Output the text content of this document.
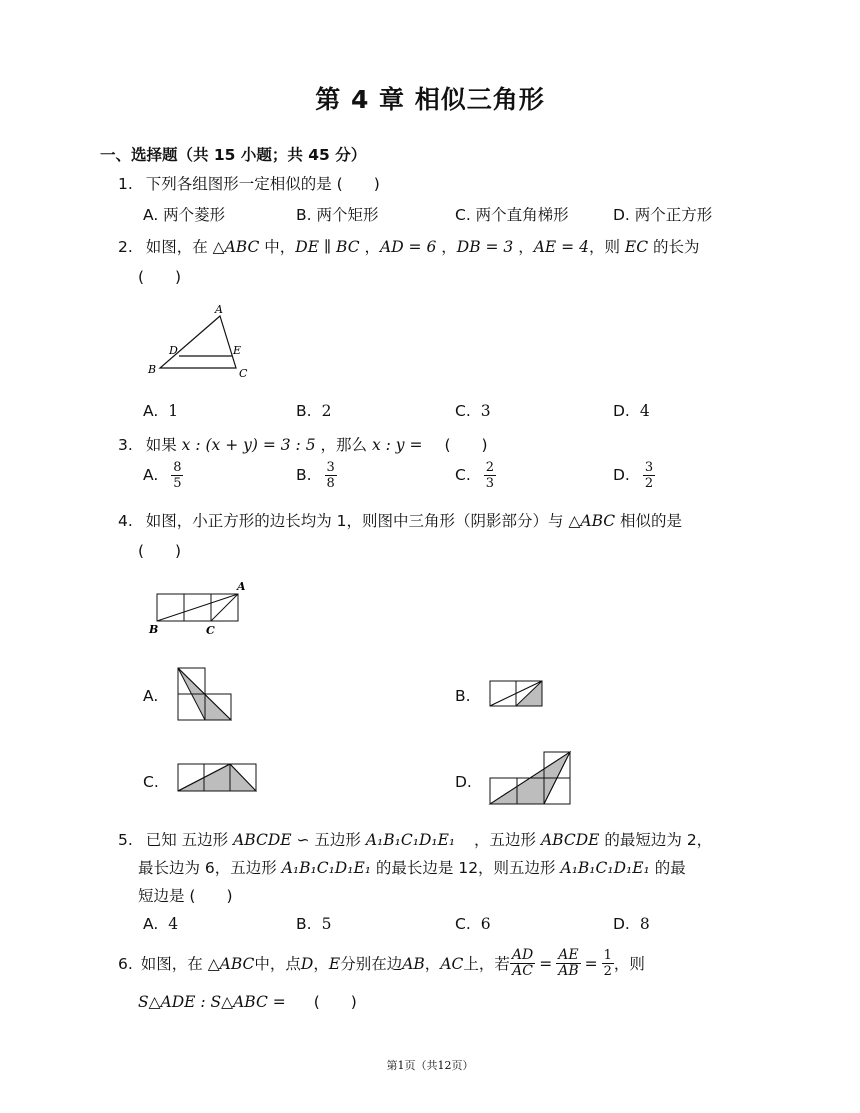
第 4 章 相似三角形
一、选择题（共 15 小题；共 45 分）
1. 下列各组图形一定相似的是 (　　)
A. 两个菱形	B. 两个矩形	C. 两个直角梯形	D. 两个正方形
2. 如图，在 △ABC 中，DE ∥ BC ，AD = 6 ，DB = 3 ，AE = 4，则 EC 的长为
(　　)
A
D	E
B	C
A. 1	B. 2	C. 3	D. 4
3. 如果 x : (x + y) = 3 : 5 ，那么 x : y = (　　)
A. $\frac{8}{5}$	B. $\frac{3}{8}$	C. $\frac{2}{3}$	D. $\frac{3}{2}$
4. 如图，小正方形的边长均为 1，则图中三角形（阴影部分）与 △ABC 相似的是
(　　)
A
B	C
A.	B.
C.	D.
5. 已知 五边形 ABCDE ∽ 五边形 A₁B₁C₁D₁E₁ ，五边形 ABCDE 的最短边为 2，
最长边为 6，五边形 A₁B₁C₁D₁E₁ 的最长边是 12，则五边形 A₁B₁C₁D₁E₁ 的最
短边是 (　　)
A. 4	B. 5	C. 6	D. 8
6. 如图，在 △ ABC 中，点 D ， E 分别在边 AB ， AC 上，若 $\frac{AD}{AC} = \frac{AE}{AB} = \frac{1}{2}$ ，则
S△ADE : S△ABC = (　　)
第1页（共12页）
